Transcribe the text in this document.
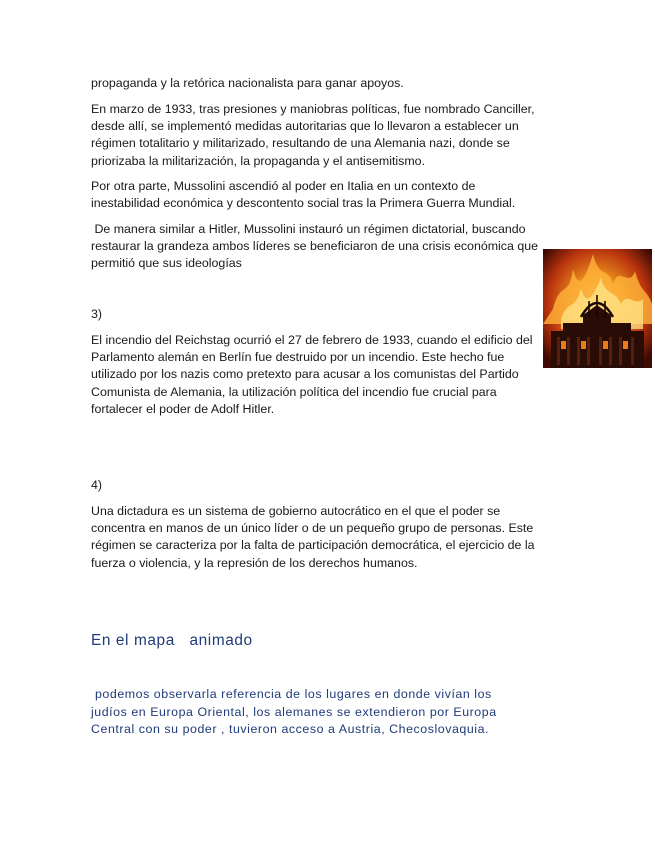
propaganda y la retórica nacionalista para ganar apoyos.

En marzo de 1933, tras presiones y maniobras políticas, fue nombrado Canciller,
desde allí, se implementó medidas autoritarias que lo llevaron a establecer un
régimen totalitario y militarizado, resultando de una Alemania nazi, donde se
priorizaba la militarización, la propaganda y el antisemitismo.

Por otra parte, Mussolini ascendió al poder en Italia en un contexto de
inestabilidad económica y descontento social tras la Primera Guerra Mundial.

De manera similar a Hitler, Mussolini instauró un régimen dictatorial, buscando
restaurar la grandeza ambos líderes se beneficiaron de una crisis económica que
permitió que sus ideologías

3)

El incendio del Reichstag ocurrió el 27 de febrero de 1933, cuando el edificio del
Parlamento alemán en Berlín fue destruido por un incendio. Este hecho fue
utilizado por los nazis como pretexto para acusar a los comunistas del Partido
Comunista de Alemania, la utilización política del incendio fue crucial para
fortalecer el poder de Adolf Hitler.

4)

Una dictadura es un sistema de gobierno autocrático en el que el poder se
concentra en manos de un único líder o de un pequeño grupo de personas. Este
régimen se caracteriza por la falta de participación democrática, el ejercicio de la
fuerza o violencia, y la represión de los derechos humanos.

En el mapa   animado
podemos observarla referencia de los lugares en donde vivían los
judíos en Europa Oriental, los alemanes se extendieron por Europa
Central con su poder , tuvieron acceso a Austria, Checoslovaquia.
